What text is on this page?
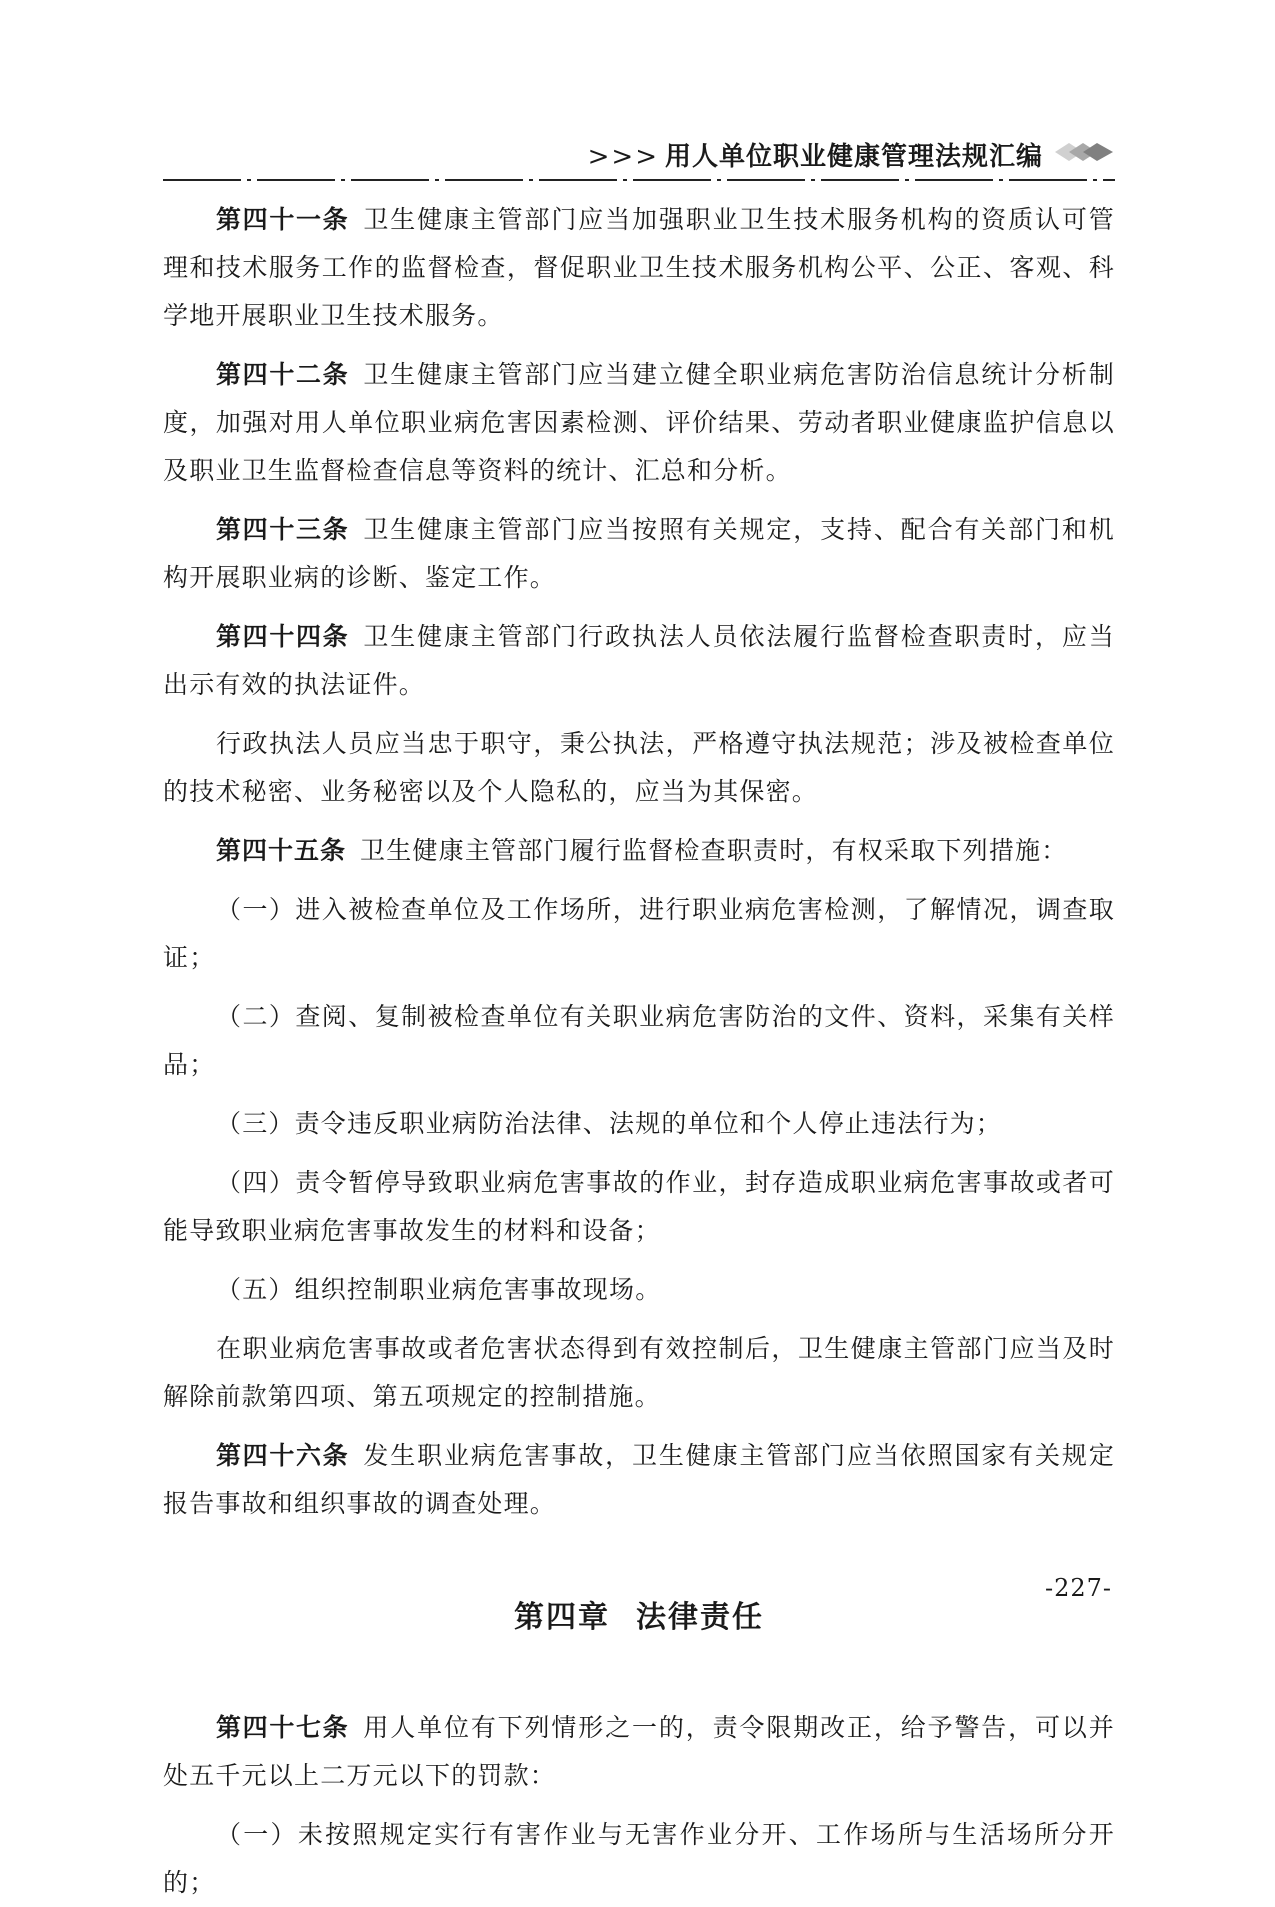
>>> 用人单位职业健康管理法规汇编

第四十一条 卫生健康主管部门应当加强职业卫生技术服务机构的资质认可管理和技术服务工作的监督检查，督促职业卫生技术服务机构公平、公正、客观、科学地开展职业卫生技术服务。

第四十二条 卫生健康主管部门应当建立健全职业病危害防治信息统计分析制度，加强对用人单位职业病危害因素检测、评价结果、劳动者职业健康监护信息以及职业卫生监督检查信息等资料的统计、汇总和分析。

第四十三条 卫生健康主管部门应当按照有关规定，支持、配合有关部门和机构开展职业病的诊断、鉴定工作。

第四十四条 卫生健康主管部门行政执法人员依法履行监督检查职责时，应当出示有效的执法证件。

行政执法人员应当忠于职守，秉公执法，严格遵守执法规范；涉及被检查单位的技术秘密、业务秘密以及个人隐私的，应当为其保密。

第四十五条 卫生健康主管部门履行监督检查职责时，有权采取下列措施：

（一）进入被检查单位及工作场所，进行职业病危害检测，了解情况，调查取证；

（二）查阅、复制被检查单位有关职业病危害防治的文件、资料，采集有关样品；

（三）责令违反职业病防治法律、法规的单位和个人停止违法行为；

（四）责令暂停导致职业病危害事故的作业，封存造成职业病危害事故或者可能导致职业病危害事故发生的材料和设备；

（五）组织控制职业病危害事故现场。

在职业病危害事故或者危害状态得到有效控制后，卫生健康主管部门应当及时解除前款第四项、第五项规定的控制措施。

第四十六条 发生职业病危害事故，卫生健康主管部门应当依照国家有关规定报告事故和组织事故的调查处理。

第四章 法律责任

第四十七条 用人单位有下列情形之一的，责令限期改正，给予警告，可以并处五千元以上二万元以下的罚款：

（一）未按照规定实行有害作业与无害作业分开、工作场所与生活场所分开的；

-227-
